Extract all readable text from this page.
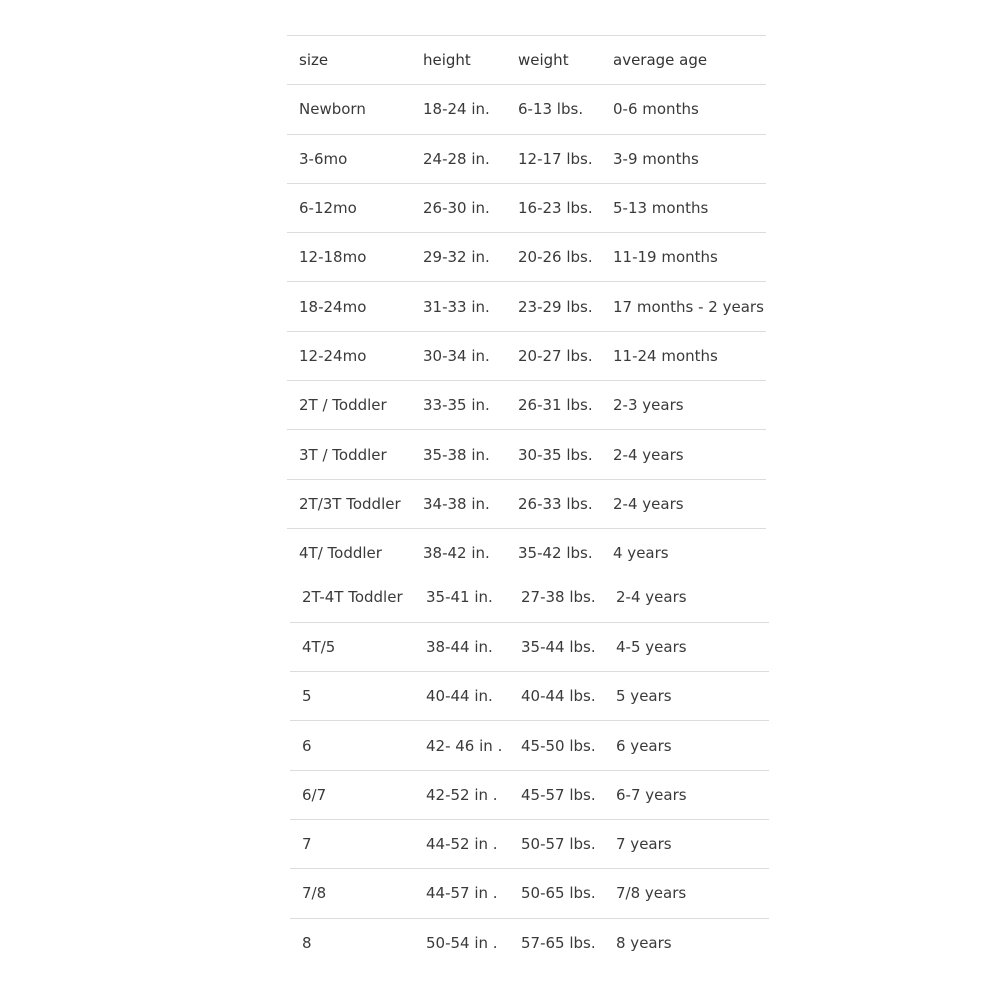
size	height	weight	average age
Newborn	18-24 in.	6-13 lbs.	0-6 months
3-6mo	24-28 in.	12-17 lbs.	3-9 months
6-12mo	26-30 in.	16-23 lbs.	5-13 months
12-18mo	29-32 in.	20-26 lbs.	11-19 months
18-24mo	31-33 in.	23-29 lbs.	17 months - 2 years
12-24mo	30-34 in.	20-27 lbs.	11-24 months
2T / Toddler	33-35 in.	26-31 lbs.	2-3 years
3T / Toddler	35-38 in.	30-35 lbs.	2-4 years
2T/3T Toddler	34-38 in.	26-33 lbs.	2-4 years
4T/ Toddler	38-42 in.	35-42 lbs.	4 years
2T-4T Toddler	35-41 in.	27-38 lbs.	2-4 years
4T/5	38-44 in.	35-44 lbs.	4-5 years
5	40-44 in.	40-44 lbs.	5 years
6	42- 46 in .	45-50 lbs.	6 years
6/7	42-52 in .	45-57 lbs.	6-7 years
7	44-52 in .	50-57 lbs.	7 years
7/8	44-57 in .	50-65 lbs.	7/8 years
8	50-54 in .	57-65 lbs.	8 years
